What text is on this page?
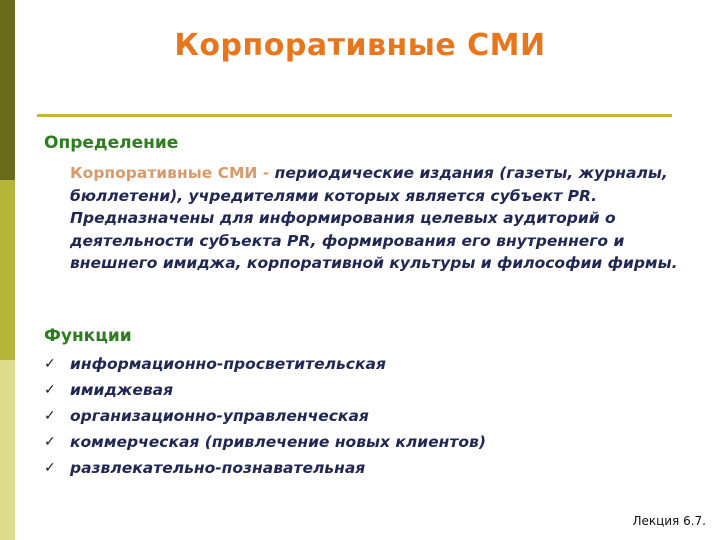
Корпоративные СМИ
Определение
Корпоративные СМИ - периодические издания (газеты, журналы, бюллетени), учредителями которых является субъект PR. Предназначены для информирования целевых аудиторий о деятельности субъекта PR, формирования его внутреннего и внешнего имиджа, корпоративной культуры и философии фирмы.
Функции
✓ информационно-просветительская
✓ имиджевая
✓ организационно-управленческая
✓ коммерческая (привлечение новых клиентов)
✓ развлекательно-познавательная
Лекция 6.7.
